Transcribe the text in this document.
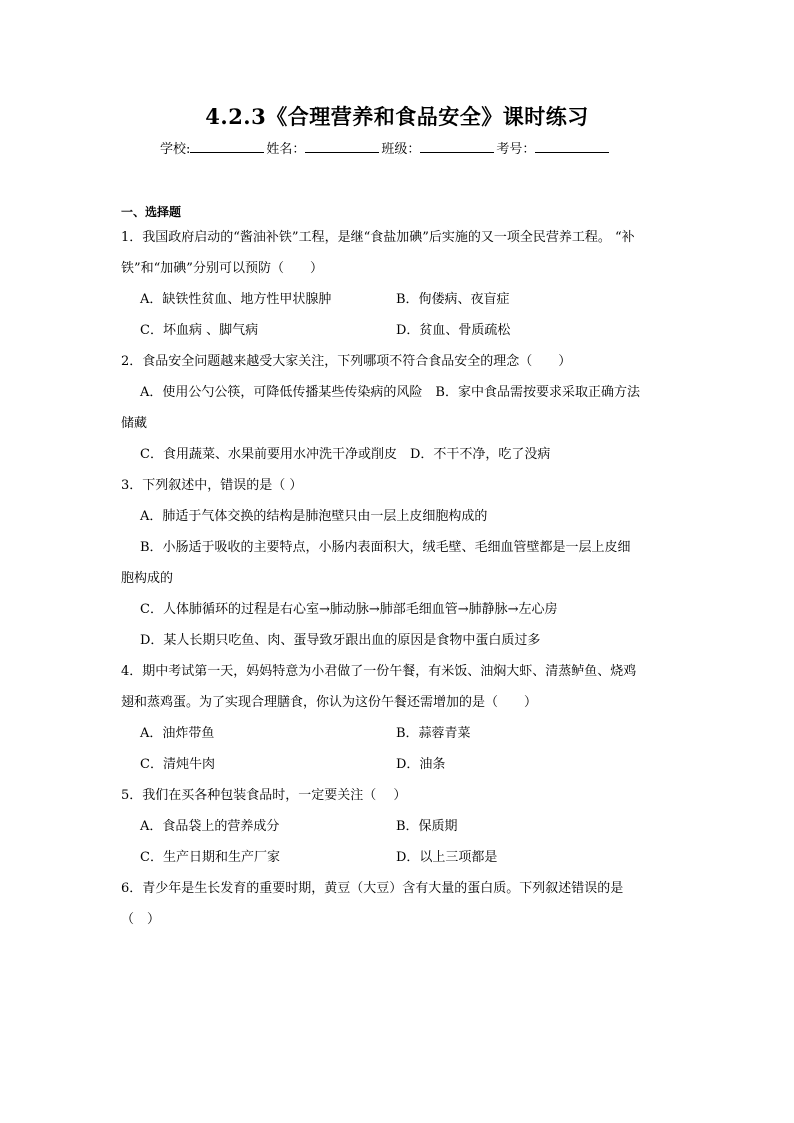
4.2.3《合理营养和食品安全》课时练习
学校:	姓名：	班级：	考号：
一、选择题
1．我国政府启动的“酱油补铁”工程，是继“食盐加碘”后实施的又一项全民营养工程。 “补
铁”和“加碘”分别可以预防（　　）
A．缺铁性贫血、地方性甲状腺肿	B．佝偻病、夜盲症
C．坏血病 、脚气病	D．贫血、骨质疏松
2．食品安全问题越来越受大家关注，下列哪项不符合食品安全的理念（　　）
A．使用公勺公筷，可降低传播某些传染病的风险　B．家中食品需按要求采取正确方法
储藏
C．食用蔬菜、水果前要用水冲洗干净或削皮　D．不干不净，吃了没病
3．下列叙述中，错误的是（ ）
A．肺适于气体交换的结构是肺泡壁只由一层上皮细胞构成的
B．小肠适于吸收的主要特点，小肠内表面积大，绒毛壁、毛细血管壁都是一层上皮细
胞构成的
C．人体肺循环的过程是右心室→肺动脉→肺部毛细血管→肺静脉→左心房
D．某人长期只吃鱼、肉、蛋导致牙跟出血的原因是食物中蛋白质过多
4．期中考试第一天，妈妈特意为小君做了一份午餐，有米饭、油焖大虾、清蒸鲈鱼、烧鸡
翅和蒸鸡蛋。为了实现合理膳食，你认为这份午餐还需增加的是（　　）
A．油炸带鱼	B．蒜蓉青菜
C．清炖牛肉	D．油条
5．我们在买各种包装食品时，一定要关注（　 ）
A．食品袋上的营养成分	B．保质期
C．生产日期和生产厂家	D．以上三项都是
6．青少年是生长发育的重要时期，黄豆（大豆）含有大量的蛋白质。下列叙述错误的是
（　）
